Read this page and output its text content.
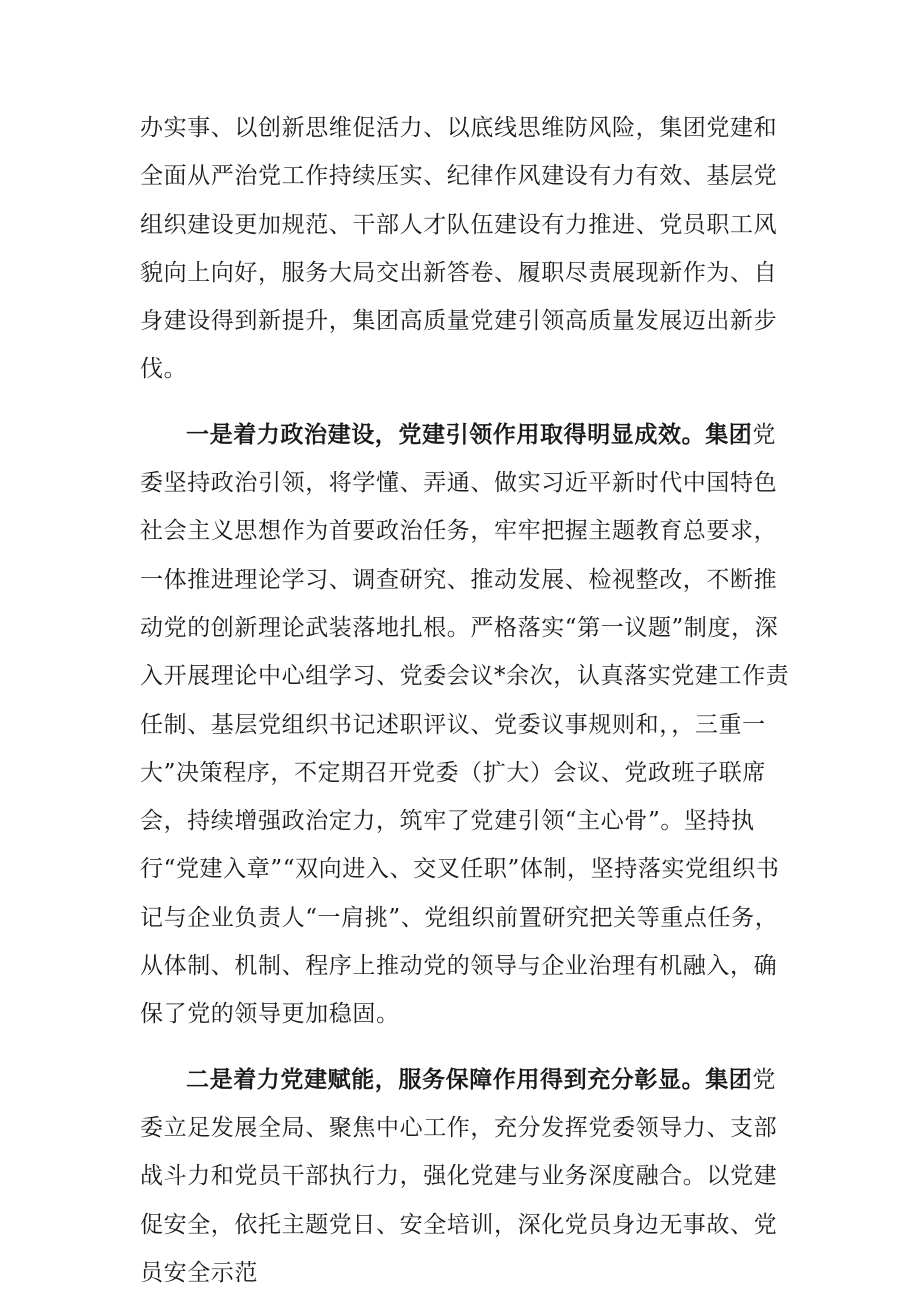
办实事、以创新思维促活力、以底线思维防风险，集团党建和全面从严治党工作持续压实、纪律作风建设有力有效、基层党组织建设更加规范、干部人才队伍建设有力推进、党员职工风貌向上向好，服务大局交出新答卷、履职尽责展现新作为、自身建设得到新提升，集团高质量党建引领高质量发展迈出新步伐。

一是着力政治建设，党建引领作用取得明显成效。集团党委坚持政治引领，将学懂、弄通、做实习近平新时代中国特色社会主义思想作为首要政治任务，牢牢把握主题教育总要求，一体推进理论学习、调查研究、推动发展、检视整改，不断推动党的创新理论武装落地扎根。严格落实“第一议题”制度，深入开展理论中心组学习、党委会议*余次，认真落实党建工作责任制、基层党组织书记述职评议、党委议事规则和，，三重一大”决策程序，不定期召开党委（扩大）会议、党政班子联席会，持续增强政治定力，筑牢了党建引领“主心骨”。坚持执行“党建入章”“双向进入、交叉任职”体制，坚持落实党组织书记与企业负责人“一肩挑”、党组织前置研究把关等重点任务，从体制、机制、程序上推动党的领导与企业治理有机融入，确保了党的领导更加稳固。

二是着力党建赋能，服务保障作用得到充分彰显。集团党委立足发展全局、聚焦中心工作，充分发挥党委领导力、支部战斗力和党员干部执行力，强化党建与业务深度融合。以党建促安全，依托主题党日、安全培训，深化党员身边无事故、党员安全示范
